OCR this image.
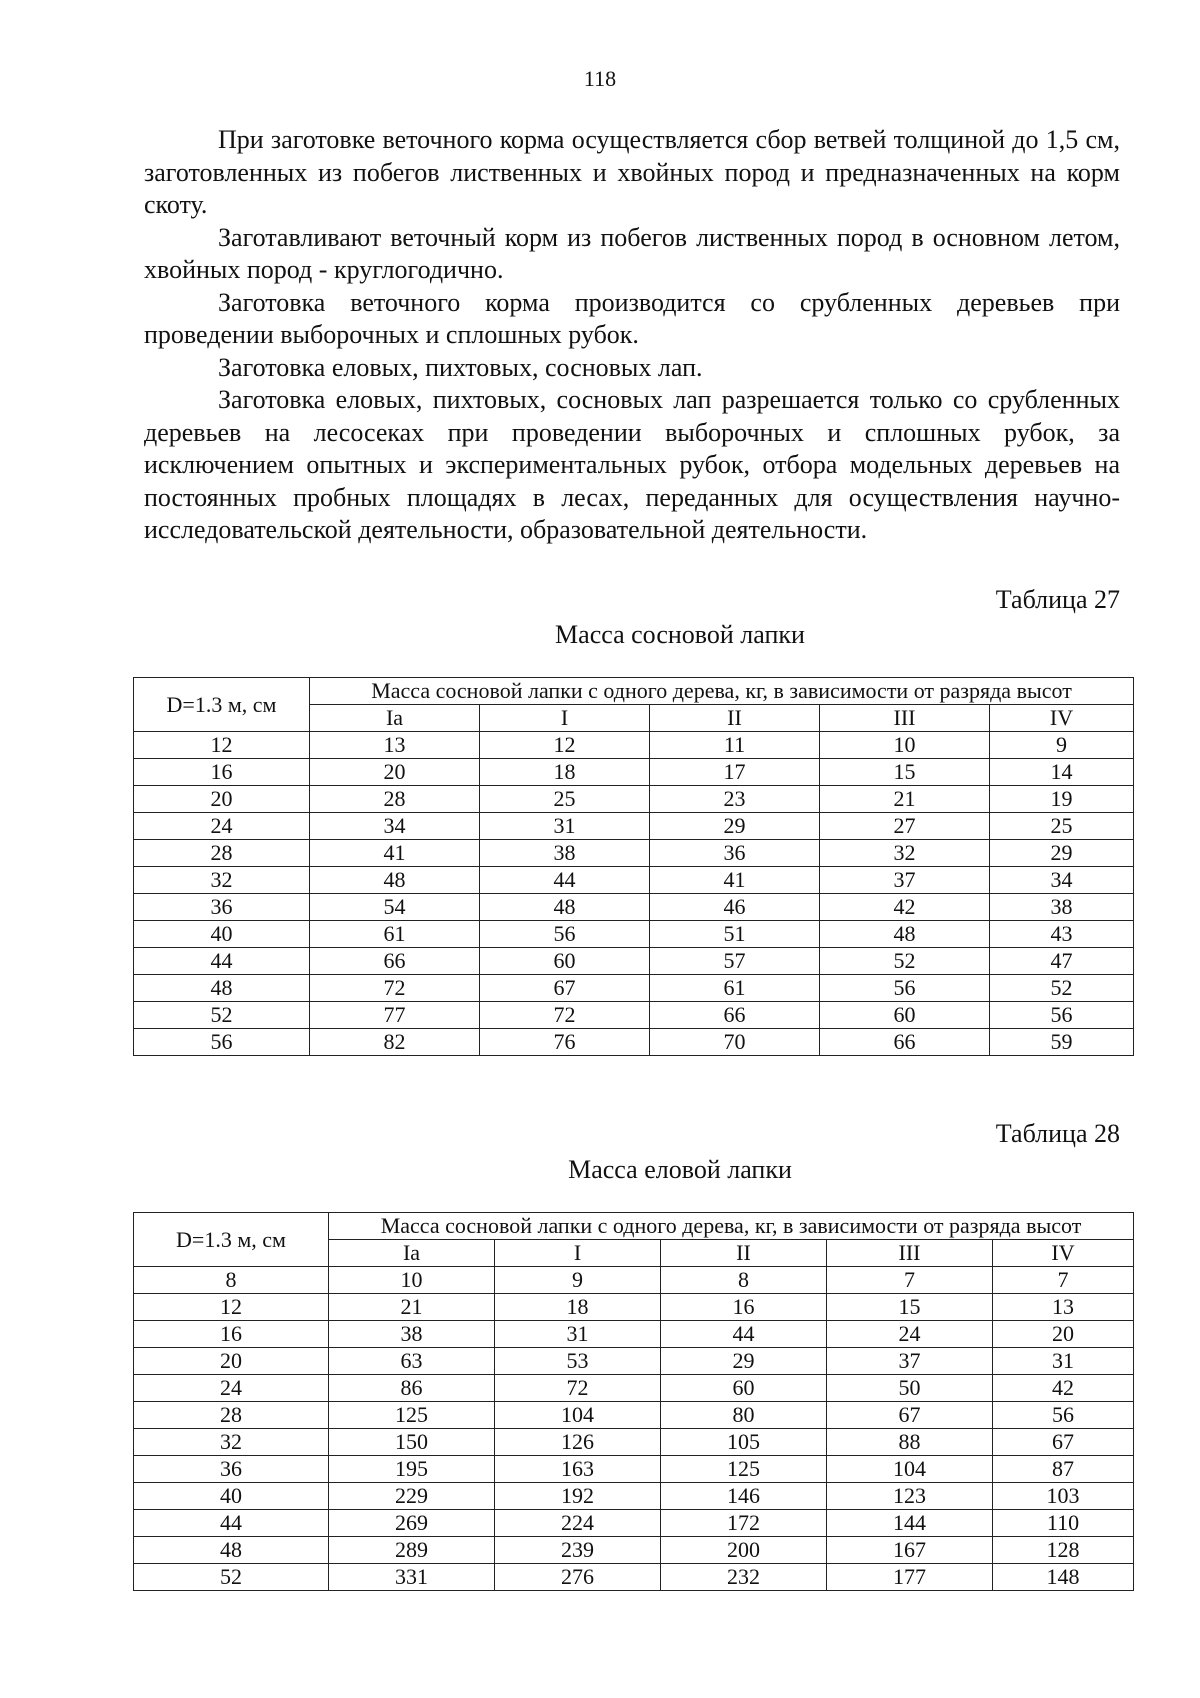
118

При заготовке веточного корма осуществляется сбор ветвей толщиной до 1,5 см, заготовленных из побегов лиственных и хвойных пород и предназначенных на корм скоту.

Заготавливают веточный корм из побегов лиственных пород в основном летом, хвойных пород - круглогодично.

Заготовка веточного корма производится со срубленных деревьев при проведении выборочных и сплошных рубок.

Заготовка еловых, пихтовых, сосновых лап.

Заготовка еловых, пихтовых, сосновых лап разрешается только со срубленных деревьев на лесосеках при проведении выборочных и сплошных рубок, за исключением опытных и экспериментальных рубок, отбора модельных деревьев на постоянных пробных площадях в лесах, переданных для осуществления научно-исследовательской деятельности, образовательной деятельности.

Таблица 27
Масса сосновой лапки
D=1.3 м, см	Масса сосновой лапки с одного дерева, кг, в зависимости от разряда высот				
	Iа	I	II	III	IV
12	13	12	11	10	9
16	20	18	17	15	14
20	28	25	23	21	19
24	34	31	29	27	25
28	41	38	36	32	29
32	48	44	41	37	34
36	54	48	46	42	38
40	61	56	51	48	43
44	66	60	57	52	47
48	72	67	61	56	52
52	77	72	66	60	56
56	82	76	70	66	59
Таблица 28
Масса еловой лапки
D=1.3 м, см	Масса сосновой лапки с одного дерева, кг, в зависимости от разряда высот				
	Iа	I	II	III	IV
8	10	9	8	7	7
12	21	18	16	15	13
16	38	31	44	24	20
20	63	53	29	37	31
24	86	72	60	50	42
28	125	104	80	67	56
32	150	126	105	88	67
36	195	163	125	104	87
40	229	192	146	123	103
44	269	224	172	144	110
48	289	239	200	167	128
52	331	276	232	177	148
